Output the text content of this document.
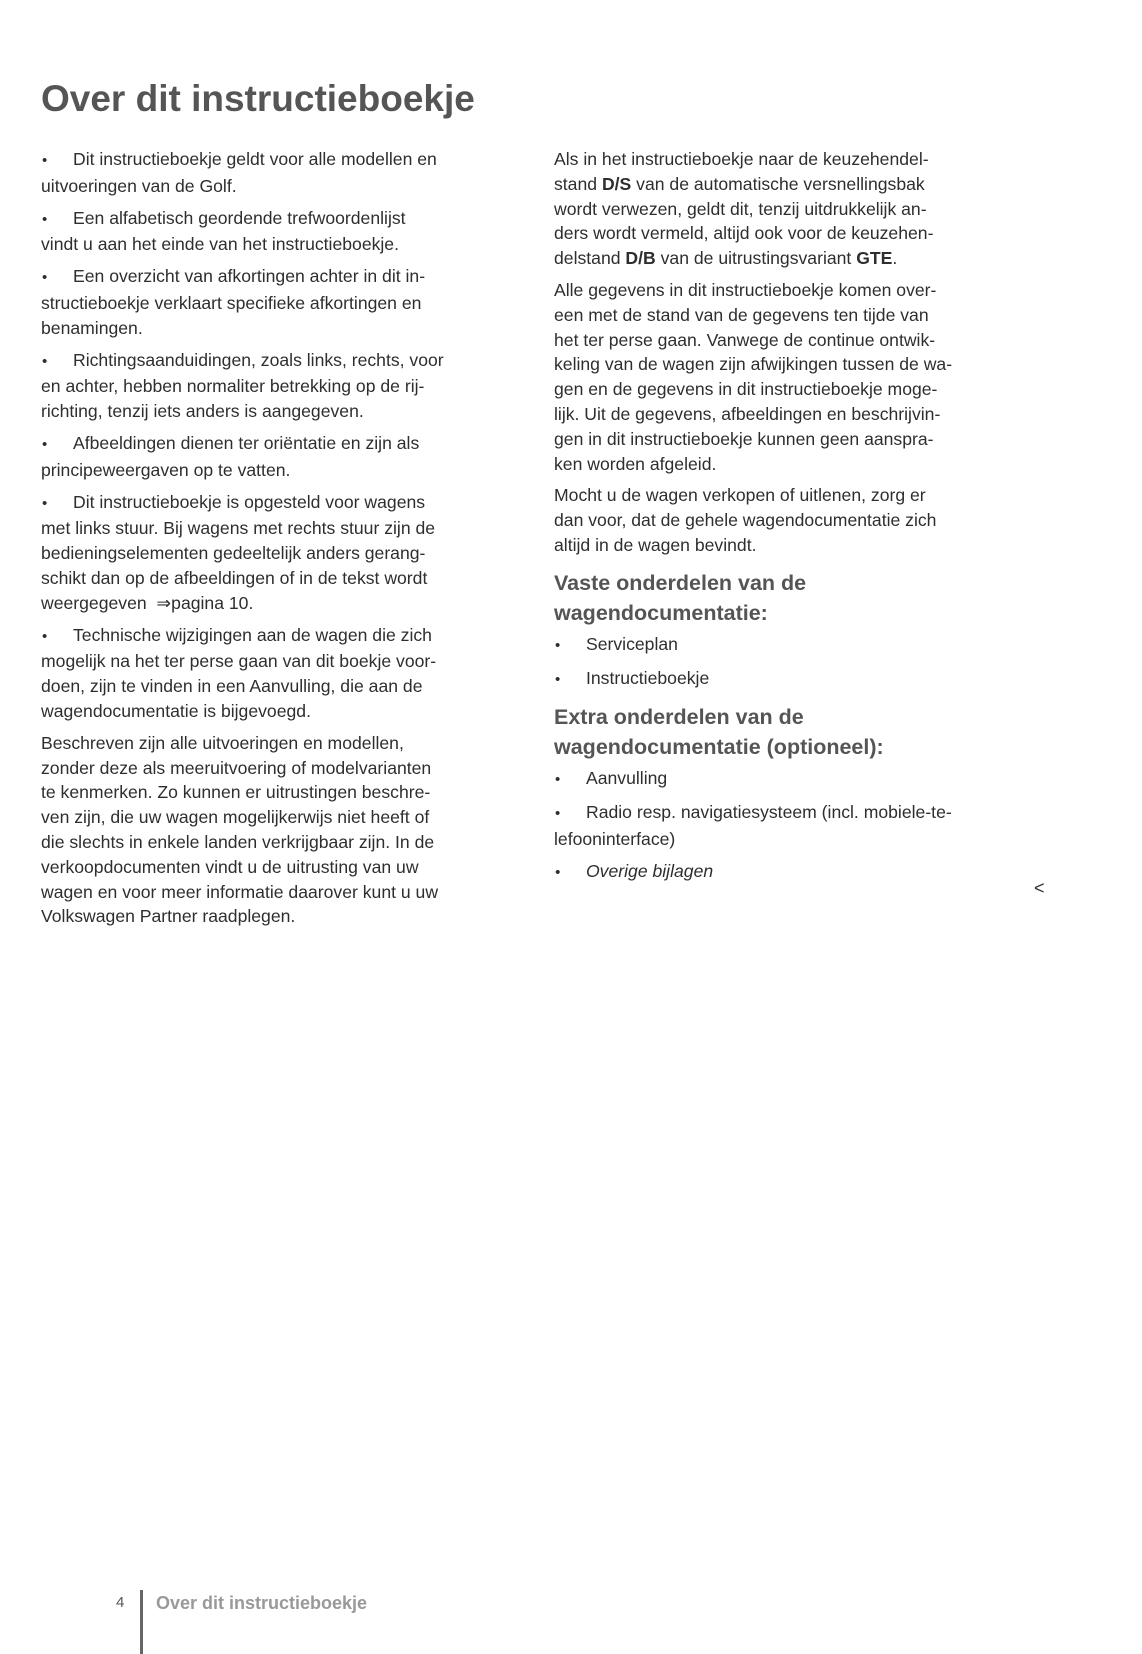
Over dit instructieboekje
• Dit instructieboekje geldt voor alle modellen en
uitvoeringen van de Golf.
• Een alfabetisch geordende trefwoordenlijst
vindt u aan het einde van het instructieboekje.
• Een overzicht van afkortingen achter in dit in-
structieboekje verklaart specifieke afkortingen en
benamingen.
• Richtingsaanduidingen, zoals links, rechts, voor
en achter, hebben normaliter betrekking op de rij-
richting, tenzij iets anders is aangegeven.
• Afbeeldingen dienen ter oriëntatie en zijn als
principeweergaven op te vatten.
• Dit instructieboekje is opgesteld voor wagens
met links stuur. Bij wagens met rechts stuur zijn de
bedieningselementen gedeeltelijk anders gerang-
schikt dan op de afbeeldingen of in de tekst wordt
weergegeven  ⇒pagina 10.
• Technische wijzigingen aan de wagen die zich
mogelijk na het ter perse gaan van dit boekje voor-
doen, zijn te vinden in een Aanvulling, die aan de
wagendocumentatie is bijgevoegd.
Beschreven zijn alle uitvoeringen en modellen,
zonder deze als meeruitvoering of modelvarianten
te kenmerken. Zo kunnen er uitrustingen beschre-
ven zijn, die uw wagen mogelijkerwijs niet heeft of
die slechts in enkele landen verkrijgbaar zijn. In de
verkoopdocumenten vindt u de uitrusting van uw
wagen en voor meer informatie daarover kunt u uw
Volkswagen Partner raadplegen.
Als in het instructieboekje naar de keuzehendel-
stand D/S van de automatische versnellingsbak
wordt verwezen, geldt dit, tenzij uitdrukkelijk an-
ders wordt vermeld, altijd ook voor de keuzehen-
delstand D/B van de uitrustingsvariant GTE.
Alle gegevens in dit instructieboekje komen over-
een met de stand van de gegevens ten tijde van
het ter perse gaan. Vanwege de continue ontwik-
keling van de wagen zijn afwijkingen tussen de wa-
gen en de gegevens in dit instructieboekje moge-
lijk. Uit de gegevens, afbeeldingen en beschrijvin-
gen in dit instructieboekje kunnen geen aanspra-
ken worden afgeleid.
Mocht u de wagen verkopen of uitlenen, zorg er
dan voor, dat de gehele wagendocumentatie zich
altijd in de wagen bevindt.
Vaste onderdelen van de
wagendocumentatie:
• Serviceplan
• Instructieboekje
Extra onderdelen van de
wagendocumentatie (optioneel):
• Aanvulling
• Radio resp. navigatiesysteem (incl. mobiele-te-
lefooninterface)
• Overige bijlagen
<
4 Over dit instructieboekje
